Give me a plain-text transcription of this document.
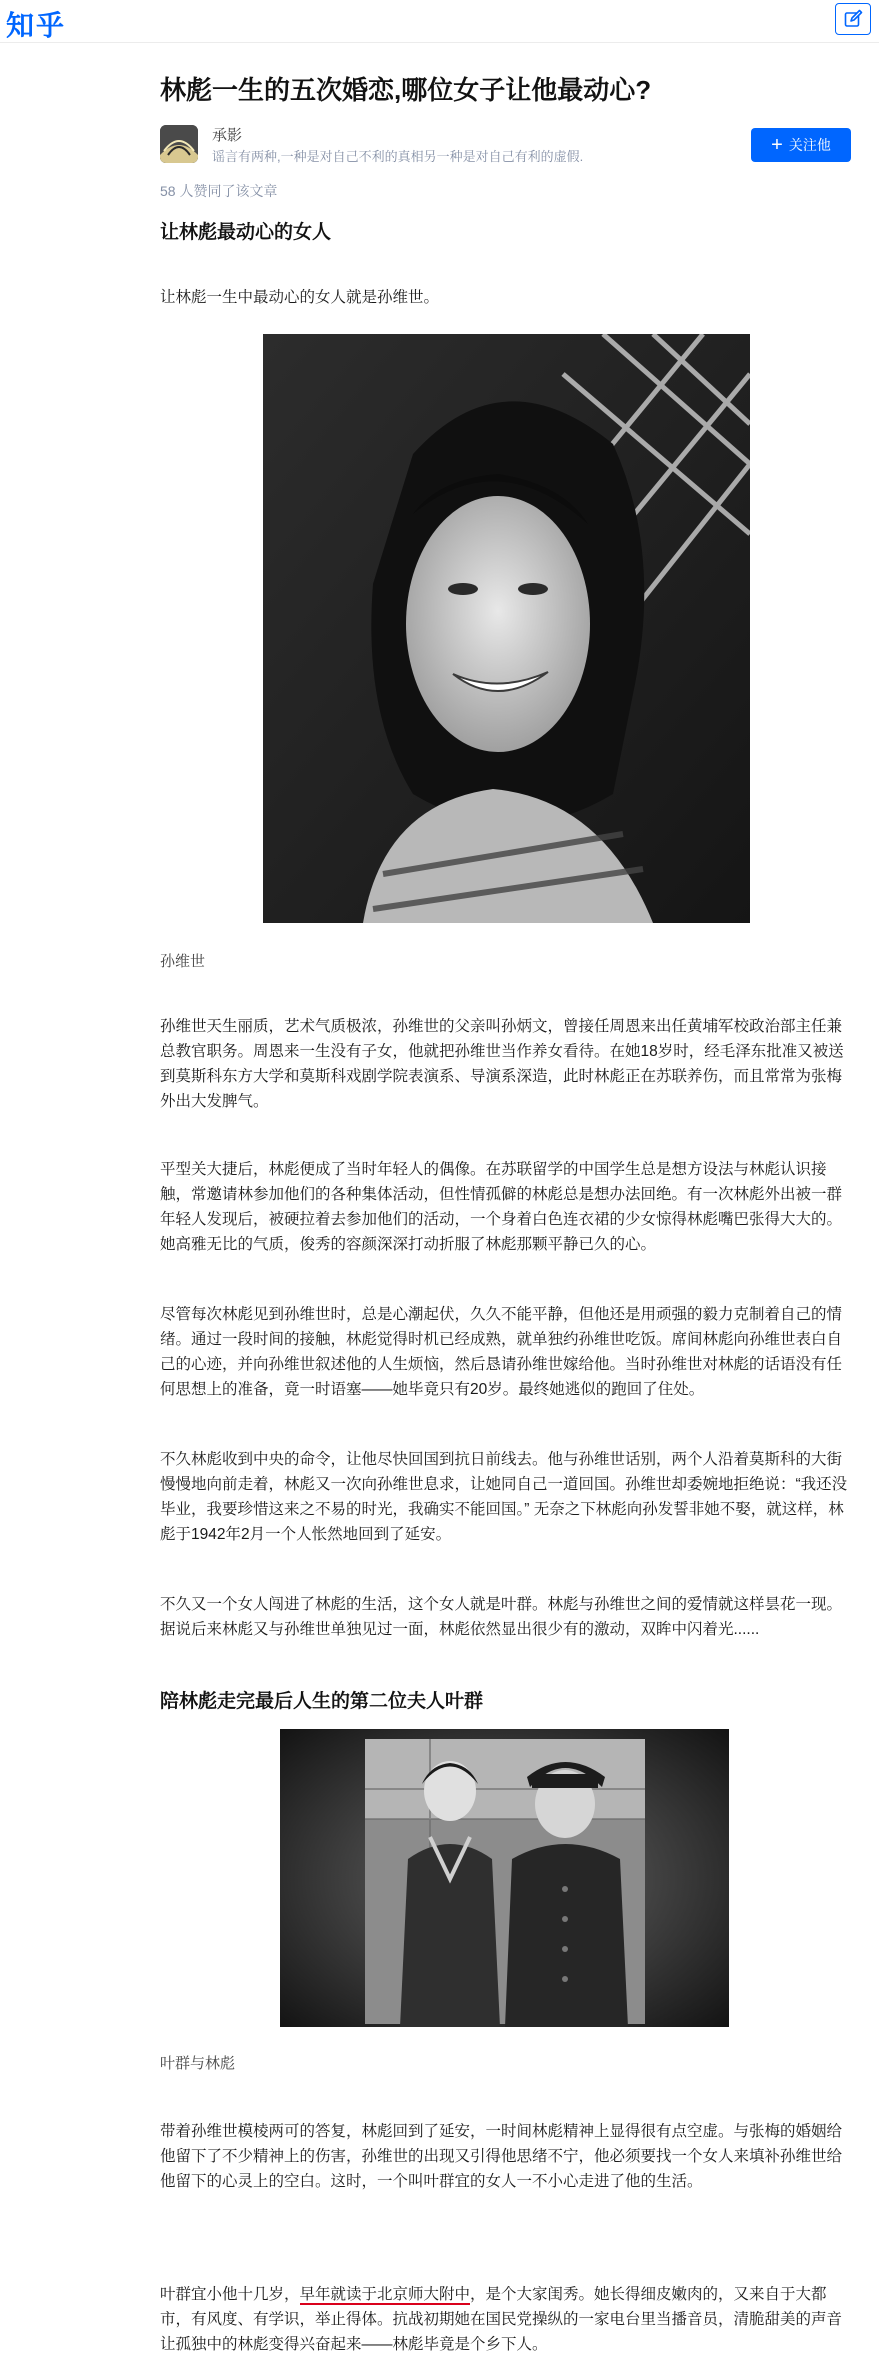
知乎
林彪一生的五次婚恋,哪位女子让他最动心?
承影
谣言有两种,一种是对自己不利的真相另一种是对自己有利的虚假.
+ 关注他
58 人赞同了该文章
让林彪最动心的女人
让林彪一生中最动心的女人就是孙维世。
孙维世
孙维世天生丽质，艺术气质极浓，孙维世的父亲叫孙炳文，曾接任周恩来出任黄埔军校政治部主任兼总教官职务。周恩来一生没有子女，他就把孙维世当作养女看待。在她18岁时，经毛泽东批准又被送到莫斯科东方大学和莫斯科戏剧学院表演系、导演系深造，此时林彪正在苏联养伤，而且常常为张梅外出大发脾气。
平型关大捷后，林彪便成了当时年轻人的偶像。在苏联留学的中国学生总是想方设法与林彪认识接触，常邀请林参加他们的各种集体活动，但性情孤僻的林彪总是想办法回绝。有一次林彪外出被一群年轻人发现后，被硬拉着去参加他们的活动，一个身着白色连衣裙的少女惊得林彪嘴巴张得大大的。她高雅无比的气质，俊秀的容颜深深打动折服了林彪那颗平静已久的心。
尽管每次林彪见到孙维世时，总是心潮起伏，久久不能平静，但他还是用顽强的毅力克制着自己的情绪。通过一段时间的接触，林彪觉得时机已经成熟，就单独约孙维世吃饭。席间林彪向孙维世表白自己的心迹，并向孙维世叙述他的人生烦恼，然后恳请孙维世嫁给他。当时孙维世对林彪的话语没有任何思想上的准备，竟一时语塞——她毕竟只有20岁。最终她逃似的跑回了住处。
不久林彪收到中央的命令，让他尽快回国到抗日前线去。他与孙维世话别，两个人沿着莫斯科的大街慢慢地向前走着，林彪又一次向孙维世息求，让她同自己一道回国。孙维世却委婉地拒绝说：“我还没毕业，我要珍惜这来之不易的时光，我确实不能回国。” 无奈之下林彪向孙发誓非她不娶，就这样，林彪于1942年2月一个人怅然地回到了延安。
不久又一个女人闯进了林彪的生活，这个女人就是叶群。林彪与孙维世之间的爱情就这样昙花一现。据说后来林彪又与孙维世单独见过一面，林彪依然显出很少有的激动，双眸中闪着光......
陪林彪走完最后人生的第二位夫人叶群
叶群与林彪
带着孙维世模棱两可的答复，林彪回到了延安，一时间林彪精神上显得很有点空虚。与张梅的婚姻给他留下了不少精神上的伤害，孙维世的出现又引得他思绪不宁，他必须要找一个女人来填补孙维世给他留下的心灵上的空白。这时，一个叫叶群宜的女人一不小心走进了他的生活。
叶群宜小他十几岁，早年就读于北京师大附中，是个大家闺秀。她长得细皮嫩肉的，又来自于大都市，有风度、有学识，举止得体。抗战初期她在国民党操纵的一家电台里当播音员，清脆甜美的声音让孤独中的林彪变得兴奋起来——林彪毕竟是个乡下人。
